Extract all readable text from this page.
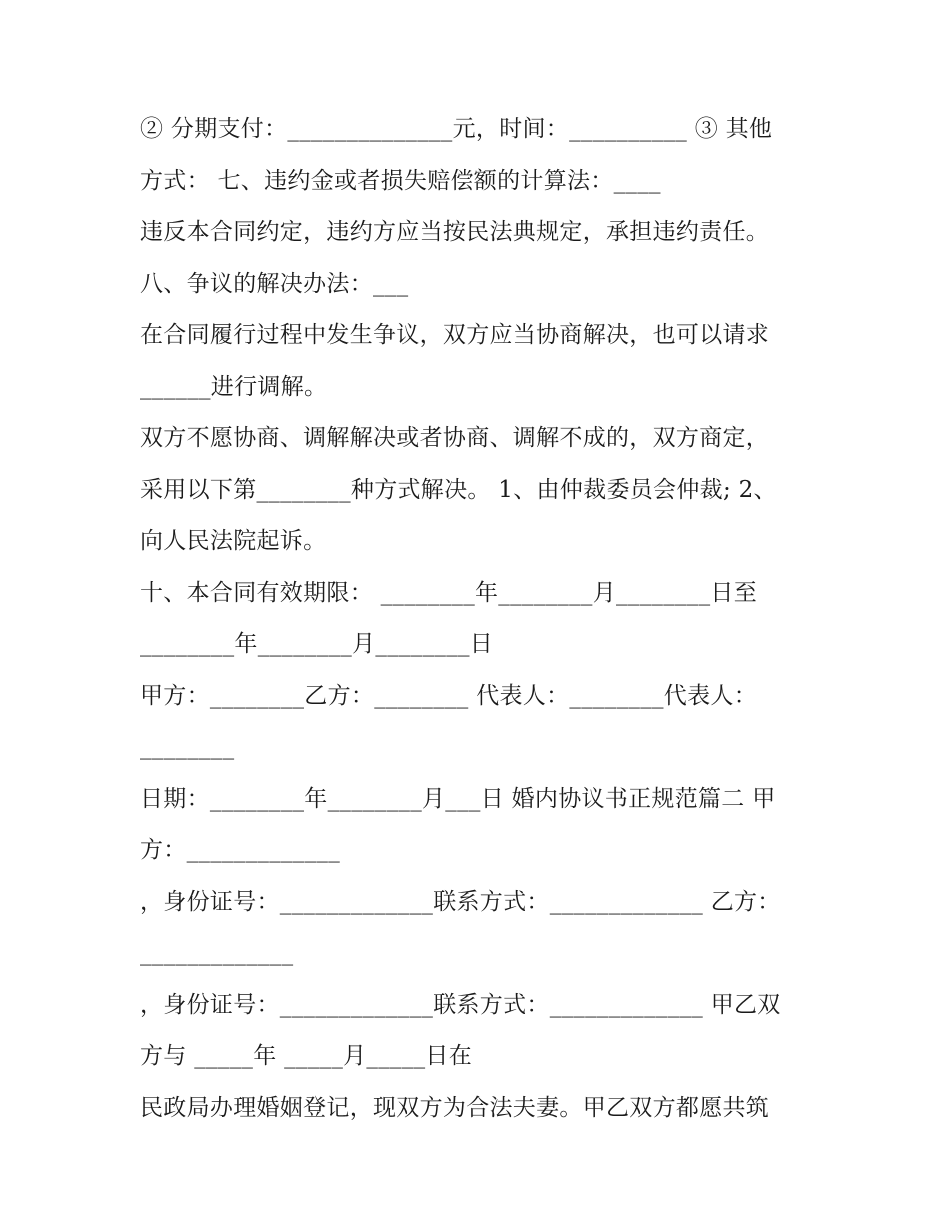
② 分期支付：______________元，时间：__________ ③ 其他
方式： 七、违约金或者损失赔偿额的计算法：____
违反本合同约定，违约方应当按民法典规定，承担违约责任。
八、争议的解决办法：___
在合同履行过程中发生争议，双方应当协商解决，也可以请求
______进行调解。
双方不愿协商、调解解决或者协商、调解不成的，双方商定，
采用以下第________种方式解决。 1、由仲裁委员会仲裁; 2、
向人民法院起诉。
十、本合同有效期限： ________年________月________日至
________年________月________日
甲方：________乙方：________ 代表人：________代表人：
________
日期：________年________月___日 婚内协议书正规范篇二 甲
方：_____________
，身份证号：_____________联系方式：_____________ 乙方：
_____________
，身份证号：_____________联系方式：_____________ 甲乙双
方与 _____年 _____月_____日在
民政局办理婚姻登记，现双方为合法夫妻。甲乙双方都愿共筑
